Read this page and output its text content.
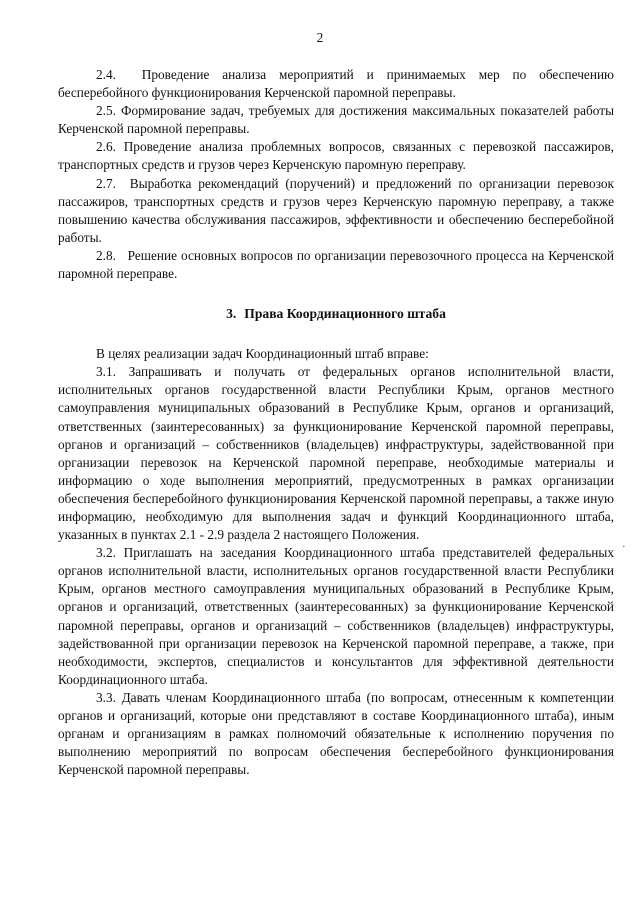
2

2.4. Проведение анализа мероприятий и принимаемых мер по обеспечению бесперебойного функционирования Керченской паромной переправы.

2.5. Формирование задач, требуемых для достижения максимальных показателей работы Керченской паромной переправы.

2.6. Проведение анализа проблемных вопросов, связанных с перевозкой пассажиров, транспортных средств и грузов через Керченскую паромную переправу.

2.7. Выработка рекомендаций (поручений) и предложений по организации перевозок пассажиров, транспортных средств и грузов через Керченскую паромную переправу, а также повышению качества обслуживания пассажиров, эффективности и обеспечению бесперебойной работы.

2.8. Решение основных вопросов по организации перевозочного процесса на Керченской паромной переправе.

3. Права Координационного штаба

В целях реализации задач Координационный штаб вправе:

3.1. Запрашивать и получать от федеральных органов исполнительной власти, исполнительных органов государственной власти Республики Крым, органов местного самоуправления муниципальных образований в Республике Крым, органов и организаций, ответственных (заинтересованных) за функционирование Керченской паромной переправы, органов и организаций – собственников (владельцев) инфраструктуры, задействованной при организации перевозок на Керченской паромной переправе, необходимые материалы и информацию о ходе выполнения мероприятий, предусмотренных в рамках организации обеспечения бесперебойного функционирования Керченской паромной переправы, а также иную информацию, необходимую для выполнения задач и функций Координационного штаба, указанных в пунктах 2.1 - 2.9 раздела 2 настоящего Положения.

3.2. Приглашать на заседания Координационного штаба представителей федеральных органов исполнительной власти, исполнительных органов государственной власти Республики Крым, органов местного самоуправления муниципальных образований в Республике Крым, органов и организаций, ответственных (заинтересованных) за функционирование Керченской паромной переправы, органов и организаций – собственников (владельцев) инфраструктуры, задействованной при организации перевозок на Керченской паромной переправе, а также, при необходимости, экспертов, специалистов и консультантов для эффективной деятельности Координационного штаба.

3.3. Давать членам Координационного штаба (по вопросам, отнесенным к компетенции органов и организаций, которые они представляют в составе Координационного штаба), иным органам и организациям в рамках полномочий обязательные к исполнению поручения по выполнению мероприятий по вопросам обеспечения бесперебойного функционирования Керченской паромной переправы.

·
